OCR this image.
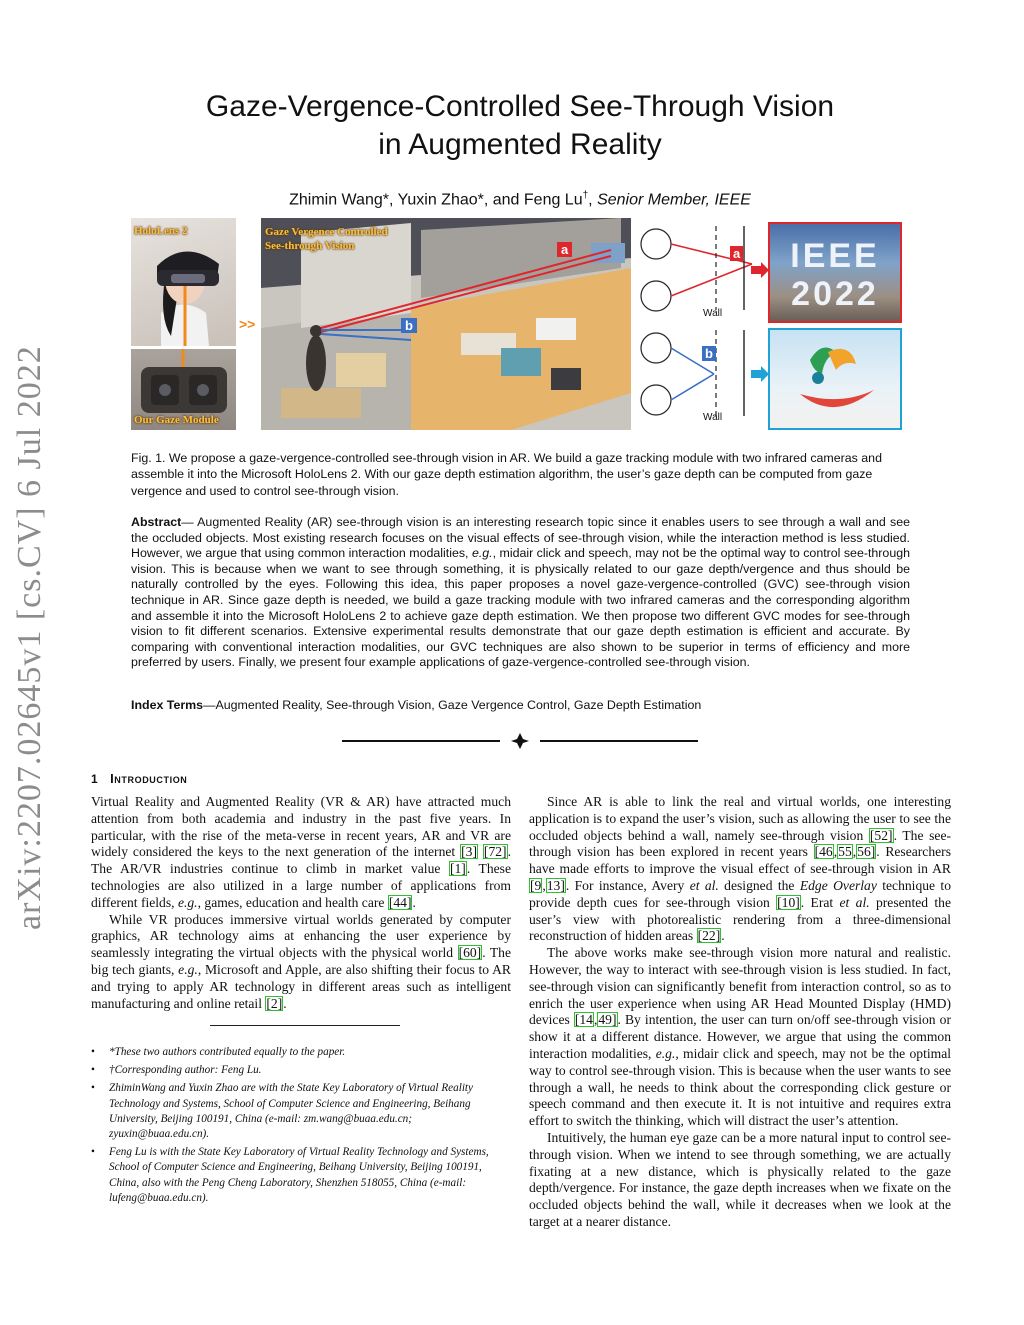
arXiv:2207.02645v1 [cs.CV] 6 Jul 2022
Gaze-Vergence-Controlled See-Through Vision
in Augmented Reality
Zhimin Wang*, Yuxin Zhao*, and Feng Lu†, Senior Member, IEEE
HoloLens 2
Our Gaze Module
>>
Gaze Vergence Controlled
See-through Vision	a
b
a
b
Wall
Wall
IEEE
2022
Fig. 1. We propose a gaze-vergence-controlled see-through vision in AR. We build a gaze tracking module with two infrared cameras and assemble it into the Microsoft HoloLens 2. With our gaze depth estimation algorithm, the user’s gaze depth can be computed from gaze vergence and used to control see-through vision.
Abstract— Augmented Reality (AR) see-through vision is an interesting research topic since it enables users to see through a wall and see the occluded objects. Most existing research focuses on the visual effects of see-through vision, while the interaction method is less studied. However, we argue that using common interaction modalities, e.g., midair click and speech, may not be the optimal way to control see-through vision. This is because when we want to see through something, it is physically related to our gaze depth/vergence and thus should be naturally controlled by the eyes. Following this idea, this paper proposes a novel gaze-vergence-controlled (GVC) see-through vision technique in AR. Since gaze depth is needed, we build a gaze tracking module with two infrared cameras and the corresponding algorithm and assemble it into the Microsoft HoloLens 2 to achieve gaze depth estimation. We then propose two different GVC modes for see-through vision to fit different scenarios. Extensive experimental results demonstrate that our gaze depth estimation is efficient and accurate. By comparing with conventional interaction modalities, our GVC techniques are also shown to be superior in terms of efficiency and more preferred by users. Finally, we present four example applications of gaze-vergence-controlled see-through vision.
Index Terms—Augmented Reality, See-through Vision, Gaze Vergence Control, Gaze Depth Estimation
1 Introduction

Virtual Reality and Augmented Reality (VR & AR) have attracted much attention from both academia and industry in the past five years. In particular, with the rise of the meta-verse in recent years, AR and VR are widely considered the keys to the next generation of the internet [3] [72]. The AR/VR industries continue to climb in market value [1]. These technologies are also utilized in a large number of applications from different fields, e.g., games, education and health care [44].

While VR produces immersive virtual worlds generated by computer graphics, AR technology aims at enhancing the user experience by seamlessly integrating the virtual objects with the physical world [60]. The big tech giants, e.g., Microsoft and Apple, are also shifting their focus to AR and trying to apply AR technology in different areas such as intelligent manufacturing and online retail [2].

• *These two authors contributed equally to the paper.
• †Corresponding author: Feng Lu.
• ZhiminWang and Yuxin Zhao are with the State Key Laboratory of Virtual Reality Technology and Systems, School of Computer Science and Engineering, Beihang University, Beijing 100191, China (e-mail: zm.wang@buaa.edu.cn; zyuxin@buaa.edu.cn).
• Feng Lu is with the State Key Laboratory of Virtual Reality Technology and Systems, School of Computer Science and Engineering, Beihang University, Beijing 100191, China, also with the Peng Cheng Laboratory, Shenzhen 518055, China (e-mail: lufeng@buaa.edu.cn).

Since AR is able to link the real and virtual worlds, one interesting application is to expand the user’s vision, such as allowing the user to see the occluded objects behind a wall, namely see-through vision [52]. The see-through vision has been explored in recent years [46,55,56]. Researchers have made efforts to improve the visual effect of see-through vision in AR [9,13]. For instance, Avery et al. designed the Edge Overlay technique to provide depth cues for see-through vision [10]. Erat et al. presented the user’s view with photorealistic rendering from a three-dimensional reconstruction of hidden areas [22].

The above works make see-through vision more natural and realistic. However, the way to interact with see-through vision is less studied. In fact, see-through vision can significantly benefit from interaction control, so as to enrich the user experience when using AR Head Mounted Display (HMD) devices [14,49]. By intention, the user can turn on/off see-through vision or show it at a different distance. However, we argue that using the common interaction modalities, e.g., midair click and speech, may not be the optimal way to control see-through vision. This is because when the user wants to see through a wall, he needs to think about the corresponding click gesture or speech command and then execute it. It is not intuitive and requires extra effort to switch the thinking, which will distract the user’s attention.

Intuitively, the human eye gaze can be a more natural input to control see-through vision. When we intend to see through something, we are actually fixating at a new distance, which is physically related to the gaze depth/vergence. For instance, the gaze depth increases when we fixate on the occluded objects behind the wall, while it decreases when we look at the target at a nearer distance.
